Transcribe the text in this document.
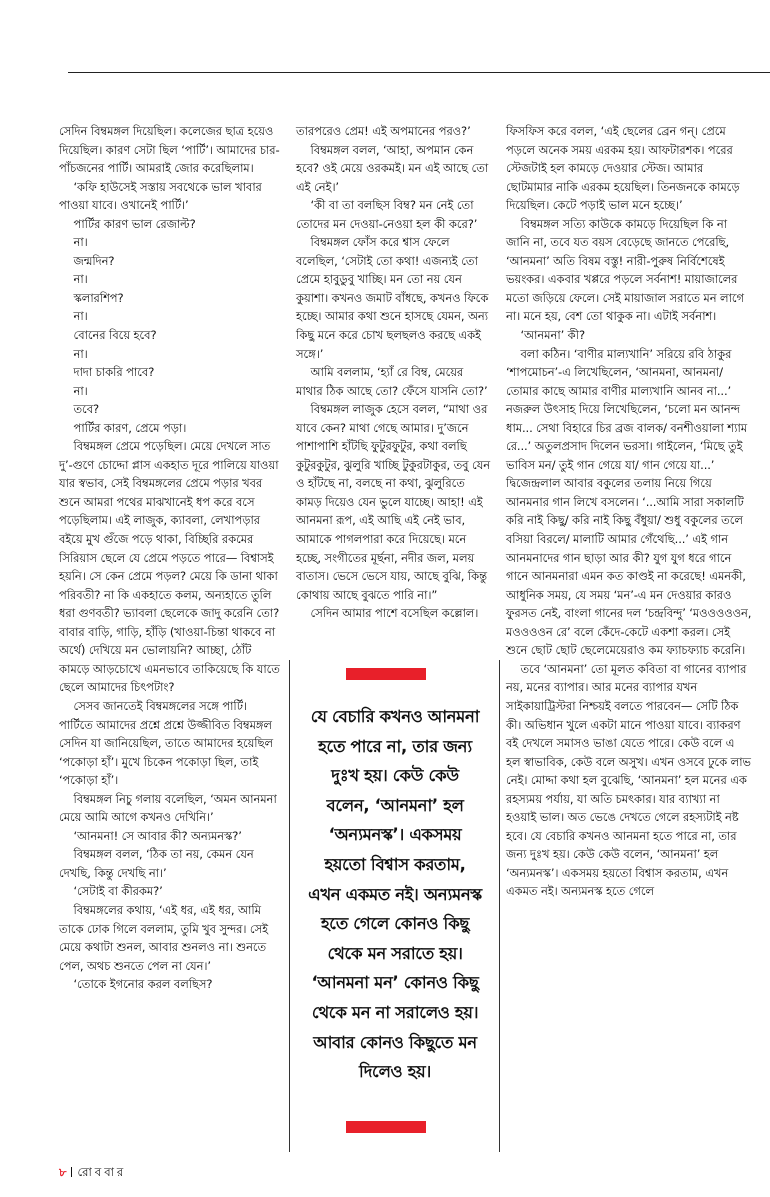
সেদিন বিম্বমঙ্গল দিয়েছিল। কলেজের ছাত্র হয়েও দিয়েছিল। কারণ সেটা ছিল ‘পার্টি’। আমাদের চার-পাঁচজনের পার্টি। আমরাই জোর করেছিলাম।

‘কফি হাউসেই সস্তায় সবথেকে ভাল খাবার পাওয়া যাবে। ওখানেই পার্টি।’

পার্টির কারণ ভাল রেজাল্ট?

না।

জন্মদিন?

না।

স্কলারশিপ?

না।

বোনের বিয়ে হবে?

না।

দাদা চাকরি পাবে?

না।

তবে?

পার্টির কারণ, প্রেমে পড়া।

বিম্বমঙ্গল প্রেমে পড়েছিল। মেয়ে দেখলে সাত দু’-গুণে চোদ্দো প্লাস একহাত দূরে পালিয়ে যাওয়া যার স্বভাব, সেই বিম্বমঙ্গলের প্রেমে পড়ার খবর শুনে আমরা পথের মাঝখানেই ধপ করে বসে পড়েছিলাম। এই লাজুক, ক্যাবলা, লেখাপড়ার বইয়ে মুখ গুঁজে পড়ে থাকা, বিচ্ছিরি রকমের সিরিয়াস ছেলে যে প্রেমে পড়তে পারে— বিশ্বাসই হয়নি। সে কেন প্রেমে পড়ল? মেয়ে কি ডানা থাকা পরিবতী? না কি একহাতে কলম, অন্যহাতে তুলি ধরা গুণবতী? ভ্যাবলা ছেলেকে জাদু করেনি তো? বাবার বাড়ি, গাড়ি, হাঁড়ি (খাওয়া-চিন্তা থাকবে না অর্থে) দেখিয়ে মন ভোলায়নি? আচ্ছা, ঠোঁট কামড়ে আড়চোখে এমনভাবে তাকিয়েছে কি যাতে ছেলে আমাদের চিৎপটাং?

সেসব জানতেই বিম্বমঙ্গলের সঙ্গে পার্টি। পার্টিতে আমাদের প্রশ্নে প্রশ্নে উজ্জীবিত বিম্বমঙ্গল সেদিন যা জানিয়েছিল, তাতে আমাদের হয়েছিল ‘পকোড়া হাঁ’। মুখে চিকেন পকোড়া ছিল, তাই ‘পকোড়া হাঁ’।

বিম্বমঙ্গল নিচু গলায় বলেছিল, ‘অমন আনমনা মেয়ে আমি আগে কখনও দেখিনি।’

‘আনমনা! সে আবার কী? অন্যমনস্ক?’

বিম্বমঙ্গল বলল, ‘ঠিক তা নয়, কেমন যেন দেখছি, কিন্তু দেখছি না।’

‘সেটাই বা কীরকম?’

বিম্বমঙ্গলের কথায়, ‘এই ধর, এই ধর, আমি তাকে ঢোক গিলে বললাম, তুমি খুব সুন্দর। সেই মেয়ে কথাটা শুনল, আবার শুনলও না। শুনতে পেল, অথচ শুনতে পেল না যেন।’

‘তোকে ইগনোর করল বলছিস?

তারপরেও প্রেম! এই অপমানের পরও?’

বিম্বমঙ্গল বলল, ‘আহা, অপমান কেন হবে? ওই মেয়ে ওরকমই। মন এই আছে তো এই নেই।’

‘কী বা তা বলছিস বিম্ব? মন নেই তো তোদের মন দেওয়া-নেওয়া হল কী করে?’

বিম্বমঙ্গল ফোঁস করে শ্বাস ফেলে বলেছিল, ‘সেটাই তো কথা! এজন্যই তো প্রেমে হাবুডুবু খাচ্ছি। মন তো নয় যেন কুয়াশা। কখনও জমাট বাঁধছে, কখনও ফিকে হচ্ছে। আমার কথা শুনে হাসছে যেমন, অন্য কিছু মনে করে চোখ ছলছলও করছে একই সঙ্গে।’

আমি বললাম, ‘হ্যাঁ রে বিম্ব, মেয়ের মাথার ঠিক আছে তো? ফেঁসে যাসনি তো?’

বিম্বমঙ্গল লাজুক হেসে বলল, “মাথা ওর যাবে কেন? মাথা গেছে আমার। দু’জনে পাশাপাশি হাঁটছি ফুটুরফুটুর, কথা বলছি কুটুরকুটুর, ঝুলুরি খাচ্ছি টুকুরটাকুর, তবু যেন ও হাঁটছে না, বলছে না কথা, ঝুলুরিতে কামড় দিয়েও যেন ভুলে যাচ্ছে। আহা! এই আনমনা রূপ, এই আছি এই নেই ভাব, আমাকে পাগলপারা করে দিয়েছে। মনে হচ্ছে, সংগীতের মূর্ছনা, নদীর জল, মলয় বাতাস। ভেসে ভেসে যায়, আছে বুঝি, কিন্তু কোথায় আছে বুঝতে পারি না।”

সেদিন আমার পাশে বসেছিল কল্লোল।

যে বেচারি কখনও আনমনা হতে পারে না, তার জন্য দুঃখ হয়। কেউ কেউ বলেন, ‘আনমনা’ হল ‘অন্যমনস্ক’। একসময় হয়তো বিশ্বাস করতাম, এখন একমত নই। অন্যমনস্ক হতে গেলে কোনও কিছু থেকে মন সরাতে হয়। ‘আনমনা মন’ কোনও কিছু থেকে মন না সরালেও হয়। আবার কোনও কিছুতে মন দিলেও হয়।

ফিসফিস করে বলল, ‘এই ছেলের ব্রেন গন্। প্রেমে পড়লে অনেক সময় এরকম হয়। আফটারশক। পরের স্টেজটাই হল কামড়ে দেওয়ার স্টেজ। আমার ছোটমামার নাকি এরকম হয়েছিল। তিনজনকে কামড়ে দিয়েছিল। কেটে পড়াই ভাল মনে হচ্ছে।’

বিম্বমঙ্গল সত্যি কাউকে কামড়ে দিয়েছিল কি না জানি না, তবে যত বয়স বেড়েছে জানতে পেরেছি, ‘আনমনা’ অতি বিষম বস্তু! নারী-পুরুষ নির্বিশেষেই ভয়ংকর। একবার খপ্পরে পড়লে সর্বনাশ! মায়াজালের মতো জড়িয়ে ফেলে। সেই মায়াজাল সরাতে মন লাগে না। মনে হয়, বেশ তো থাকুক না। এটাই সর্বনাশ।

‘আনমনা’ কী?

বলা কঠিন। ‘বাণীর মাল্যখানি’ সরিয়ে রবি ঠাকুর ‘শাপমোচন’-এ লিখেছিলেন, ‘আনমনা, আনমনা/ তোমার কাছে আমার বাণীর মাল্যখানি আনব না...’ নজরুল উৎসাহ দিয়ে লিখেছিলেন, ‘চলো মন আনন্দ ধাম... সেথা বিহারে চির ব্রজ বালক/ বনশীওয়ালা শ্যাম রে...’ অতুলপ্রসাদ দিলেন ভরসা। গাইলেন, ‘মিছে তুই ভাবিস মন/ তুই গান গেয়ে যা/ গান গেয়ে যা...’ দ্বিজেন্দ্রলাল আবার বকুলের তলায় নিয়ে গিয়ে আনমনার গান লিখে বসলেন। ‘...আমি সারা সকালটি করি নাই কিছু/ করি নাই কিছু বঁধুয়া/ শুধু বকুলের তলে বসিয়া বিরলে/ মালাটি আমার গেঁথেছি...’ এই গান আনমনাদের গান ছাড়া আর কী? যুগ যুগ ধরে গানে গানে আনমনারা এমন কত কাণ্ডই না করেছে! এমনকী, আধুনিক সময়, যে সময় ‘মন’-এ মন দেওয়ার কারও ফুরসত নেই, বাংলা গানের দল ‘চন্দ্রবিন্দু’ ‘মওওওওওন, মওওওওন রে’ বলে কেঁদে-কেটে একশা করল। সেই শুনে ছোট ছোট ছেলেমেয়েরাও কম ফ্যাচফ্যাচ করেনি।

তবে ‘আনমনা’ তো মূলত কবিতা বা গানের ব্যাপার নয়, মনের ব্যাপার। আর মনের ব্যাপার যখন সাইকায়াট্রিস্টরা নিশ্চয়ই বলতে পারবেন— সেটি ঠিক কী। অভিধান খুলে একটা মানে পাওয়া যাবে। ব্যাকরণ বই দেখলে সমাসও ভাঙা যেতে পারে। কেউ বলে এ হল স্বাভাবিক, কেউ বলে অসুখ। এখন ওসবে ঢুকে লাভ নেই। মোদ্দা কথা হল বুঝেছি, ‘আনমনা’ হল মনের এক রহস্যময় পর্যায়, যা অতি চমৎকার। যার ব্যাখ্যা না হওয়াই ভাল। অত ভেঙে দেখতে গেলে রহস্যটাই নষ্ট হবে। যে বেচারি কখনও আনমনা হতে পারে না, তার জন্য দুঃখ হয়। কেউ কেউ বলেন, ‘আনমনা’ হল ‘অন্যমনস্ক’। একসময় হয়তো বিশ্বাস করতাম, এখন একমত নই। অন্যমনস্ক হতে গেলে

৮ রোববার
